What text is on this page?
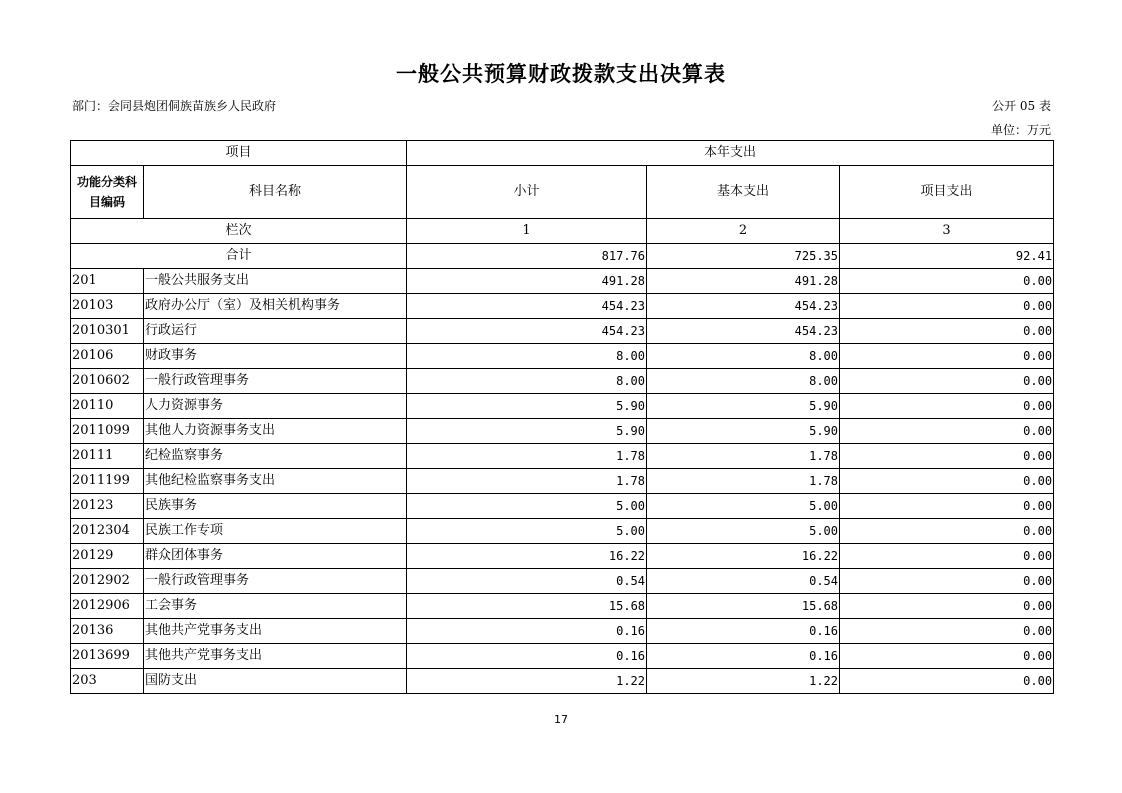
一般公共预算财政拨款支出决算表
部门：会同县炮团侗族苗族乡人民政府	公开 05 表
单位：万元
项目		本年支出		
功能分类科目编码	科目名称	小计	基本支出	项目支出
栏次		1	2	3
合计		817.76	725.35	92.41
201	一般公共服务支出	491.28	491.28	0.00
20103	政府办公厅（室）及相关机构事务	454.23	454.23	0.00
2010301	行政运行	454.23	454.23	0.00
20106	财政事务	8.00	8.00	0.00
2010602	一般行政管理事务	8.00	8.00	0.00
20110	人力资源事务	5.90	5.90	0.00
2011099	其他人力资源事务支出	5.90	5.90	0.00
20111	纪检监察事务	1.78	1.78	0.00
2011199	其他纪检监察事务支出	1.78	1.78	0.00
20123	民族事务	5.00	5.00	0.00
2012304	民族工作专项	5.00	5.00	0.00
20129	群众团体事务	16.22	16.22	0.00
2012902	一般行政管理事务	0.54	0.54	0.00
2012906	工会事务	15.68	15.68	0.00
20136	其他共产党事务支出	0.16	0.16	0.00
2013699	其他共产党事务支出	0.16	0.16	0.00
203	国防支出	1.22	1.22	0.00
17
